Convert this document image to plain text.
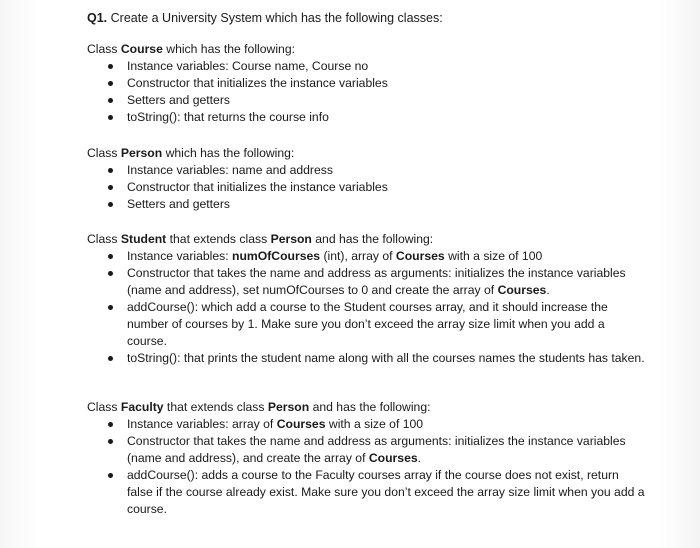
Q1. Create a University System which has the following classes:
Class Course which has the following:
Instance variables: Course name, Course no
Constructor that initializes the instance variables
Setters and getters
toString(): that returns the course info
Class Person which has the following:
Instance variables: name and address
Constructor that initializes the instance variables
Setters and getters
Class Student that extends class Person and has the following:
Instance variables: numOfCourses (int), array of Courses with a size of 100
Constructor that takes the name and address as arguments: initializes the instance variables (name and address), set numOfCourses to 0 and create the array of Courses.
addCourse(): which add a course to the Student courses array, and it should increase the number of courses by 1. Make sure you don’t exceed the array size limit when you add a course.
toString(): that prints the student name along with all the courses names the students has taken.
Class Faculty that extends class Person and has the following:
Instance variables: array of Courses with a size of 100
Constructor that takes the name and address as arguments: initializes the instance variables (name and address), and create the array of Courses.
addCourse(): adds a course to the Faculty courses array if the course does not exist, return false if the course already exist. Make sure you don’t exceed the array size limit when you add a course.
